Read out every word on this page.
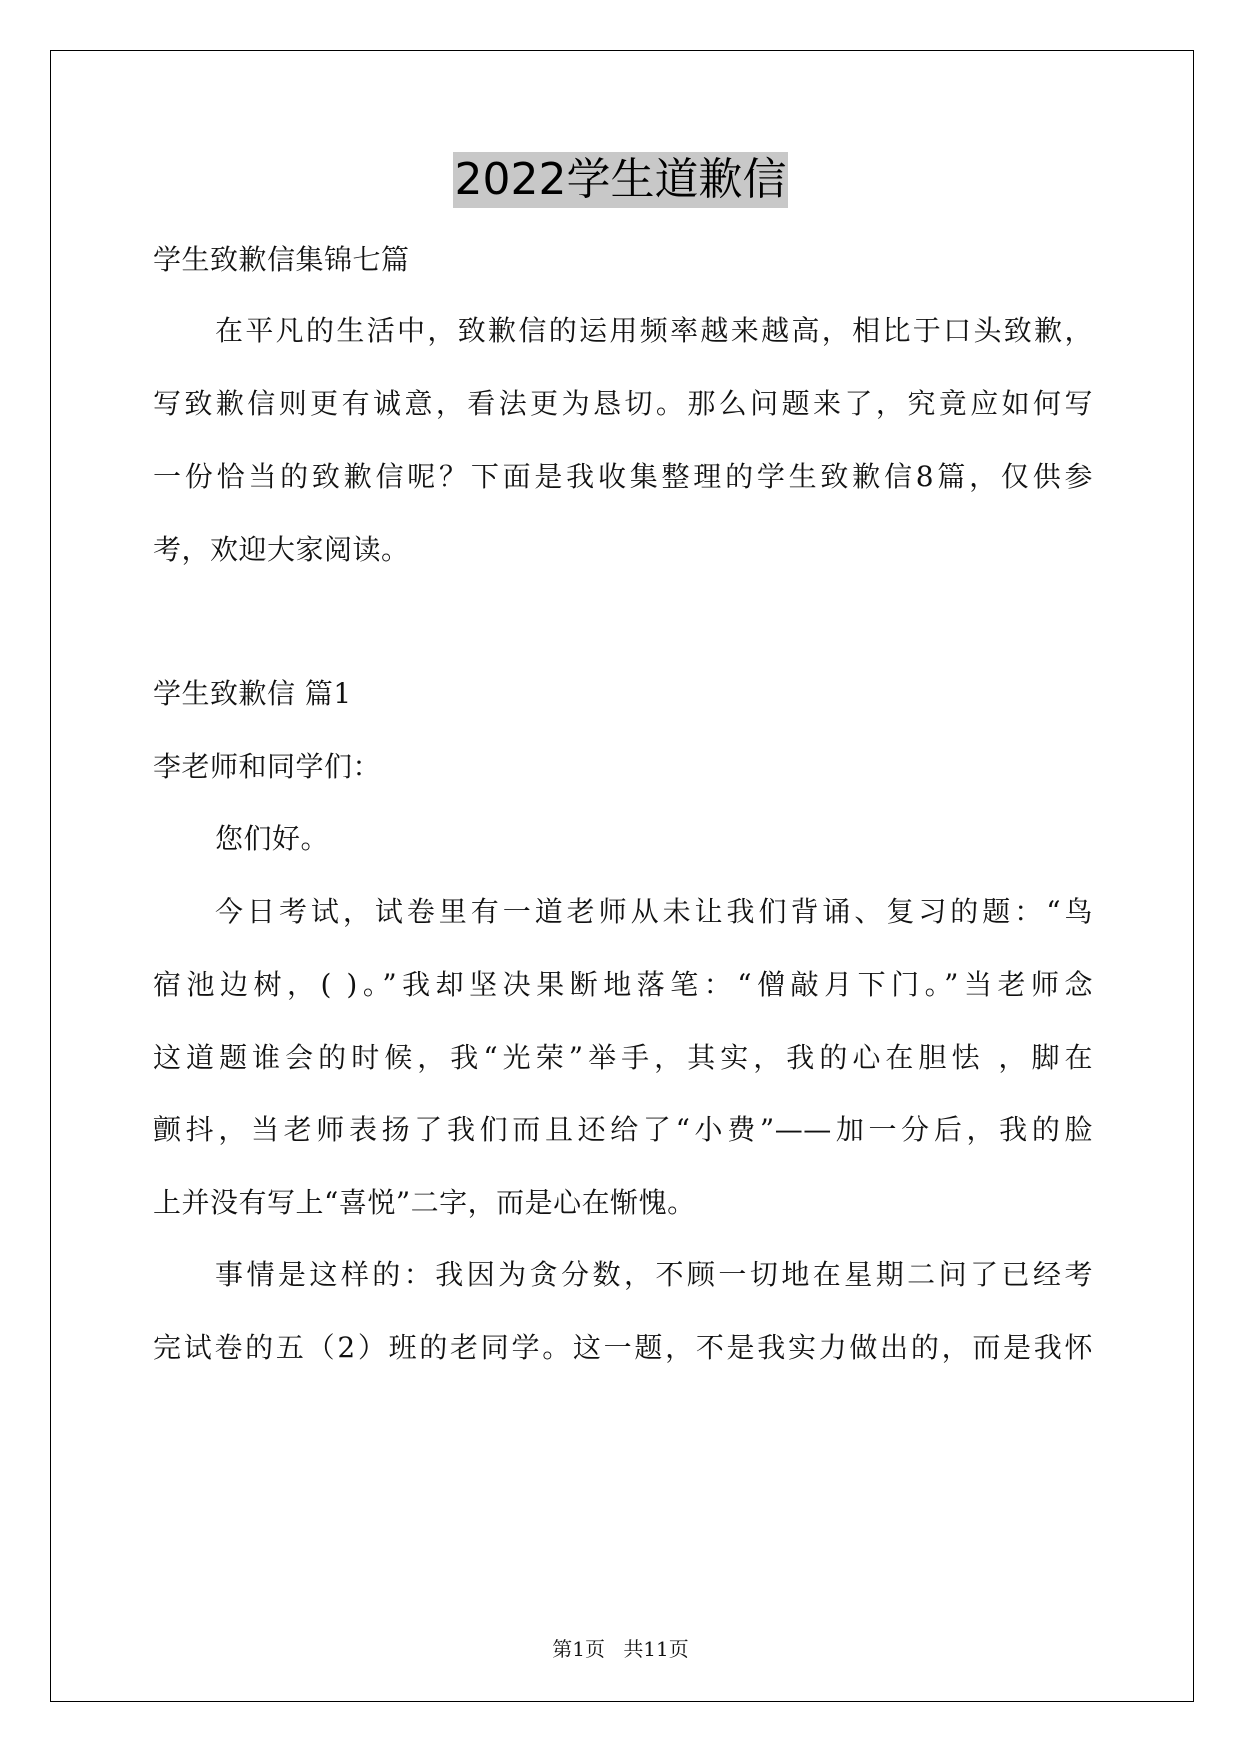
2022学生道歉信
学生致歉信集锦七篇
在平凡的生活中，致歉信的运用频率越来越高，相比于口头致歉，
写致歉信则更有诚意，看法更为恳切。那么问题来了，究竟应如何写
一份恰当的致歉信呢？下面是我收集整理的学生致歉信8篇，仅供参
考，欢迎大家阅读。
学生致歉信 篇1
李老师和同学们：
您们好。
今日考试，试卷里有一道老师从未让我们背诵、复习的题：“鸟
宿池边树，( )。”我却坚决果断地落笔：“僧敲月下门。”当老师念
这道题谁会的时候，我“光荣”举手，其实，我的心在胆怯 ，脚在
颤抖，当老师表扬了我们而且还给了“小费”——加一分后，我的脸
上并没有写上“喜悦”二字，而是心在惭愧。
事情是这样的：我因为贪分数，不顾一切地在星期二问了已经考
完试卷的五（2）班的老同学。这一题，不是我实力做出的，而是我怀
第1页 共11页
